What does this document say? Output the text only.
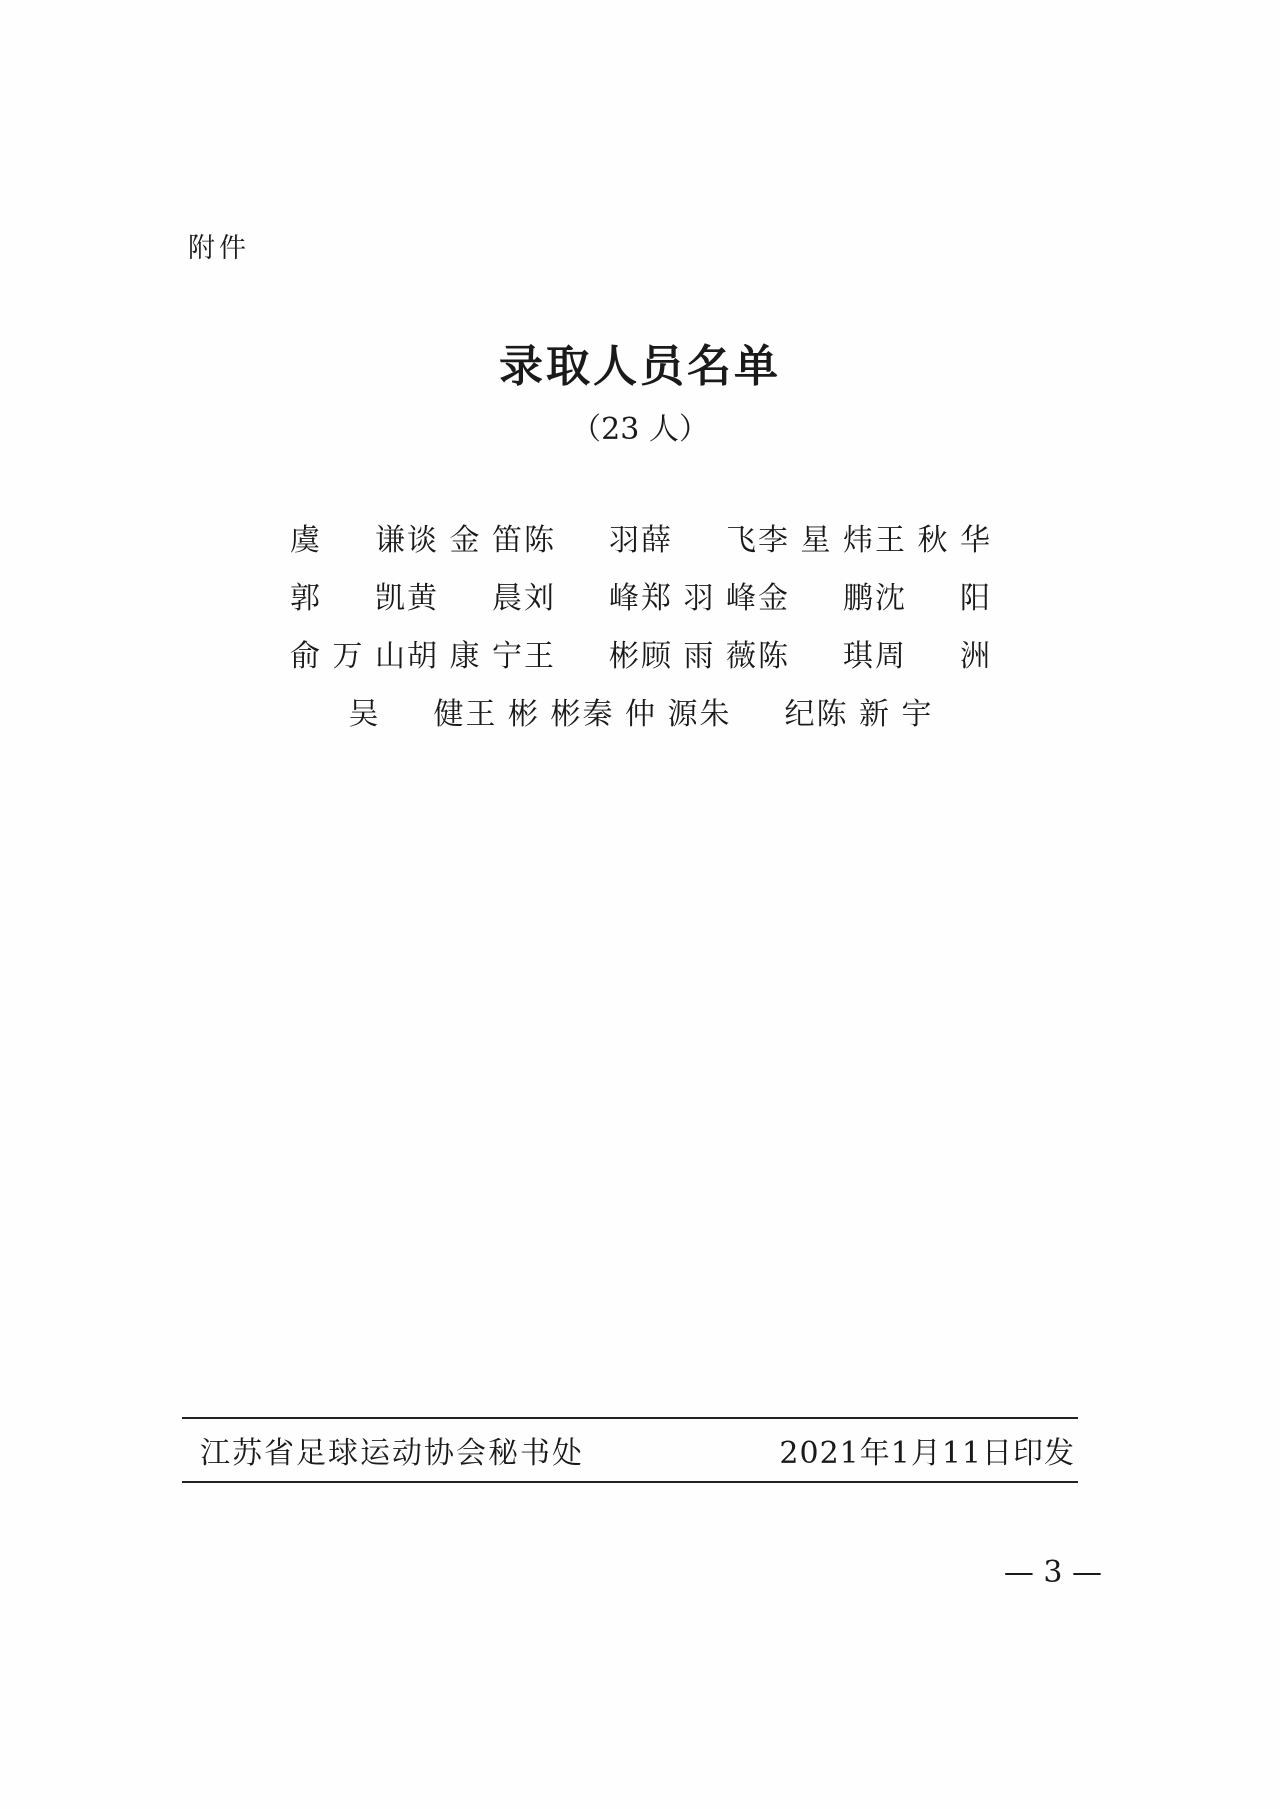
附件
录取人员名单
（23 人）
虞谦 谈金笛 陈羽 薛飞 李星炜 王秋华
郭凯 黄晨 刘峰 郑羽峰 金鹏 沈阳
俞万山 胡康宁 王彬 顾雨薇 陈琪 周洲
吴健 王彬彬 秦仲源 朱纪 陈新宇
江苏省足球运动协会秘书处	2021年1月11日印发
— 3 —
